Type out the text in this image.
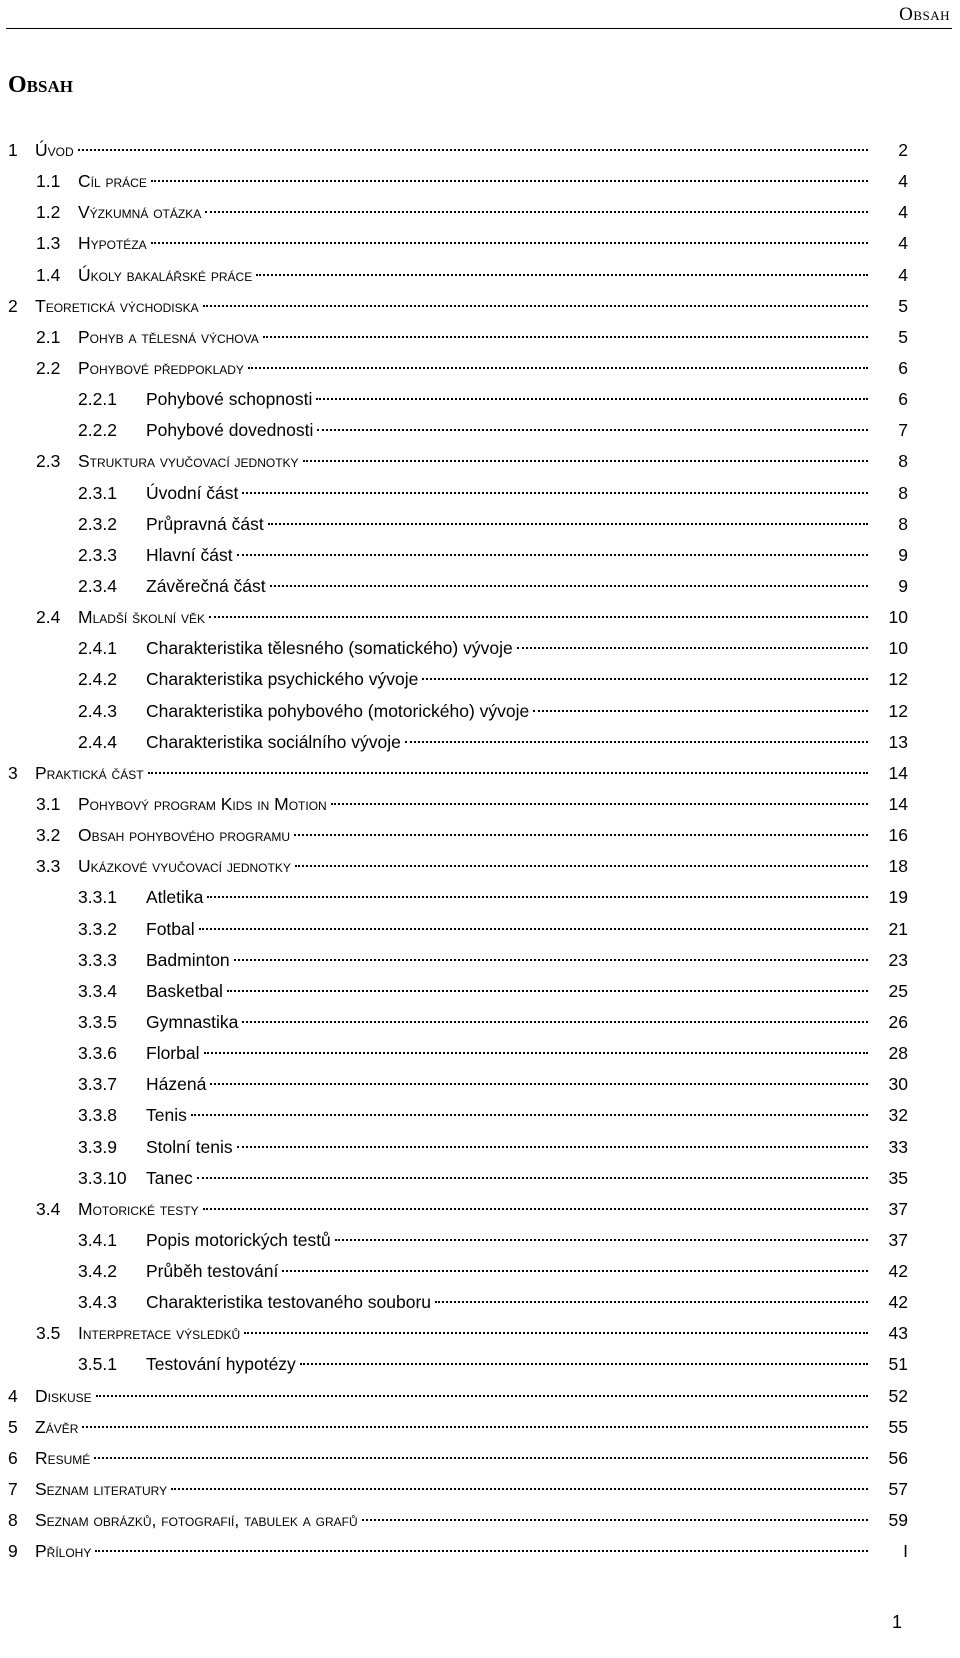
Obsah
Obsah
1 Úvod	2
1.1 Cíl práce	4
1.2 Výzkumná otázka	4
1.3 Hypotéza	4
1.4 Úkoly bakalářské práce	4
2 Teoretická východiska	5
2.1 Pohyb a tělesná výchova	5
2.2 Pohybové předpoklady	6
2.2.1 Pohybové schopnosti	6
2.2.2 Pohybové dovednosti	7
2.3 Struktura vyučovací jednotky	8
2.3.1 Úvodní část	8
2.3.2 Průpravná část	8
2.3.3 Hlavní část	9
2.3.4 Závěrečná část	9
2.4 Mladší školní věk	10
2.4.1 Charakteristika tělesného (somatického) vývoje	10
2.4.2 Charakteristika psychického vývoje	12
2.4.3 Charakteristika pohybového (motorického) vývoje	12
2.4.4 Charakteristika sociálního vývoje	13
3 Praktická část	14
3.1 Pohybový program Kids in Motion	14
3.2 Obsah pohybového programu	16
3.3 Ukázkové vyučovací jednotky	18
3.3.1 Atletika	19
3.3.2 Fotbal	21
3.3.3 Badminton	23
3.3.4 Basketbal	25
3.3.5 Gymnastika	26
3.3.6 Florbal	28
3.3.7 Házená	30
3.3.8 Tenis	32
3.3.9 Stolní tenis	33
3.3.10 Tanec	35
3.4 Motorické testy	37
3.4.1 Popis motorických testů	37
3.4.2 Průběh testování	42
3.4.3 Charakteristika testovaného souboru	42
3.5 Interpretace výsledků	43
3.5.1 Testování hypotézy	51
4 Diskuse	52
5 Závěr	55
6 Resumé	56
7 Seznam literatury	57
8 Seznam obrázků, fotografií, tabulek a grafů	59
9 Přílohy	I
1
